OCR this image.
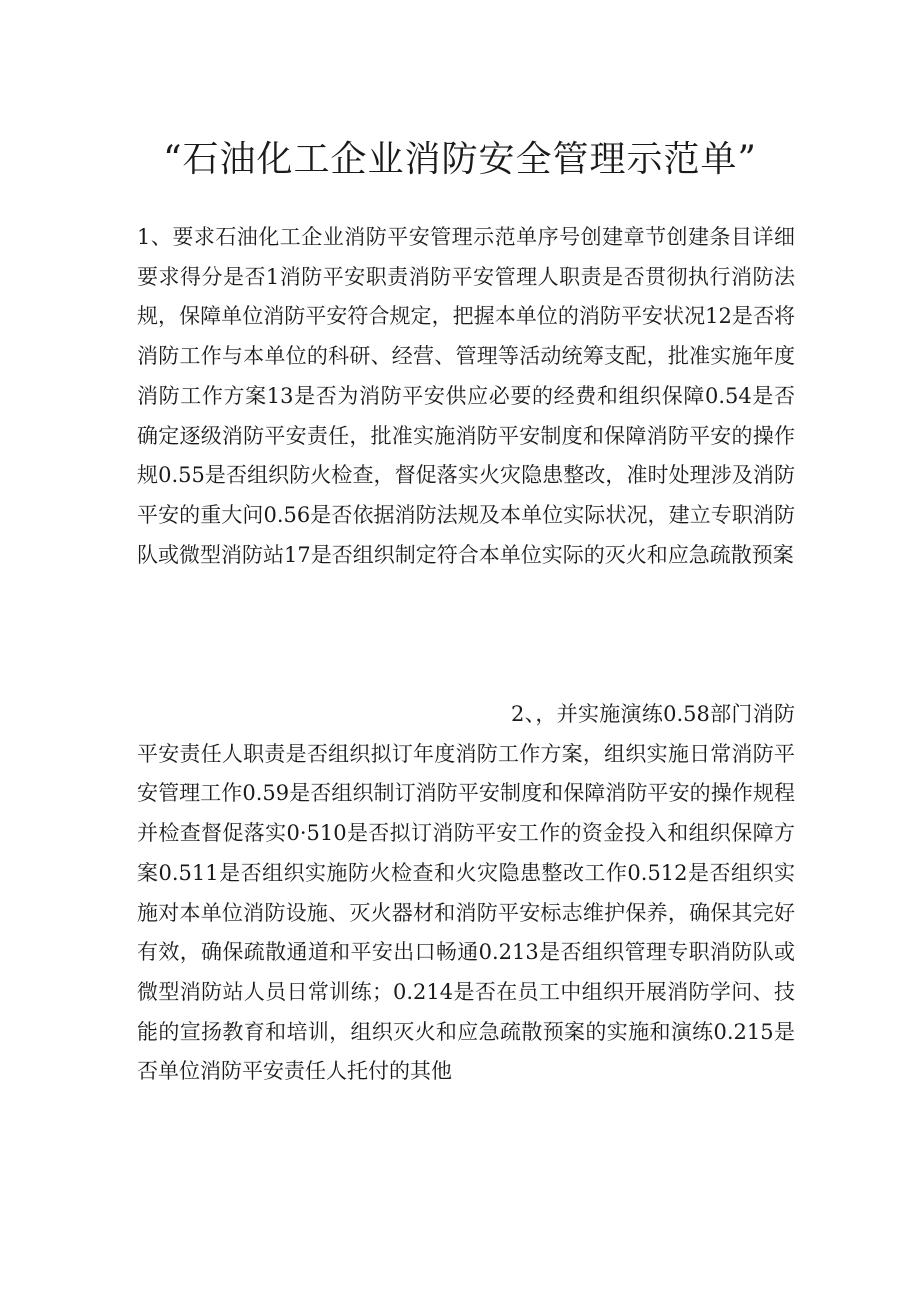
“石油化工企业消防安全管理示范单”

1、要求石油化工企业消防平安管理示范单序号创建章节创建条目详细要求得分是否1消防平安职责消防平安管理人职责是否贯彻执行消防法规，保障单位消防平安符合规定，把握本单位的消防平安状况12是否将消防工作与本单位的科研、经营、管理等活动统筹支配，批准实施年度消防工作方案13是否为消防平安供应必要的经费和组织保障0.54是否确定逐级消防平安责任，批准实施消防平安制度和保障消防平安的操作规0.55是否组织防火检查，督促落实火灾隐患整改，准时处理涉及消防平安的重大问0.56是否依据消防法规及本单位实际状况，建立专职消防队或微型消防站17是否组织制定符合本单位实际的灭火和应急疏散预案

2、，并实施演练0.58部门消防平安责任人职责是否组织拟订年度消防工作方案，组织实施日常消防平安管理工作0.59是否组织制订消防平安制度和保障消防平安的操作规程并检查督促落实0·510是否拟订消防平安工作的资金投入和组织保障方案0.511是否组织实施防火检查和火灾隐患整改工作0.512是否组织实施对本单位消防设施、灭火器材和消防平安标志维护保养，确保其完好有效，确保疏散通道和平安出口畅通0.213是否组织管理专职消防队或微型消防站人员日常训练；0.214是否在员工中组织开展消防学问、技能的宣扬教育和培训，组织灭火和应急疏散预案的实施和演练0.215是否单位消防平安责任人托付的其他
